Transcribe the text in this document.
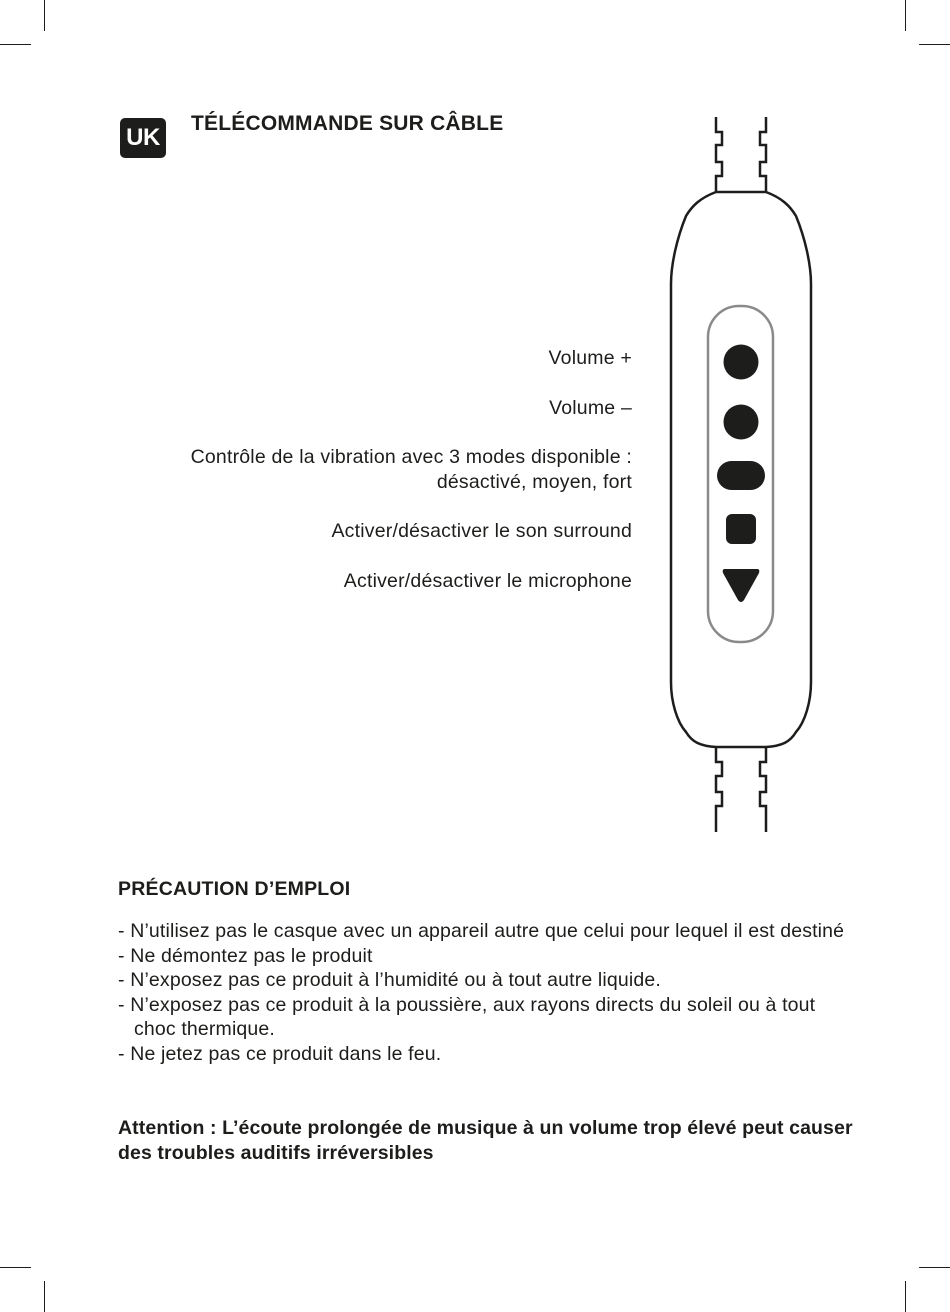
UK
TÉLÉCOMMANDE SUR CÂBLE
Volume +
Volume –
Contrôle de la vibration avec 3 modes disponible :
désactivé, moyen, fort
Activer/désactiver le son surround
Activer/désactiver le microphone
PRÉCAUTION D’EMPLOI
- N’utilisez pas le casque avec un appareil autre que celui pour lequel il est destiné
- Ne démontez pas le produit
- N’exposez pas ce produit à l’humidité ou à tout autre liquide.
- N’exposez pas ce produit à la poussière, aux rayons directs du soleil ou à tout choc thermique.
- Ne jetez pas ce produit dans le feu.

Attention : L’écoute prolongée de musique à un volume trop élevé peut causer des troubles auditifs irréversibles
